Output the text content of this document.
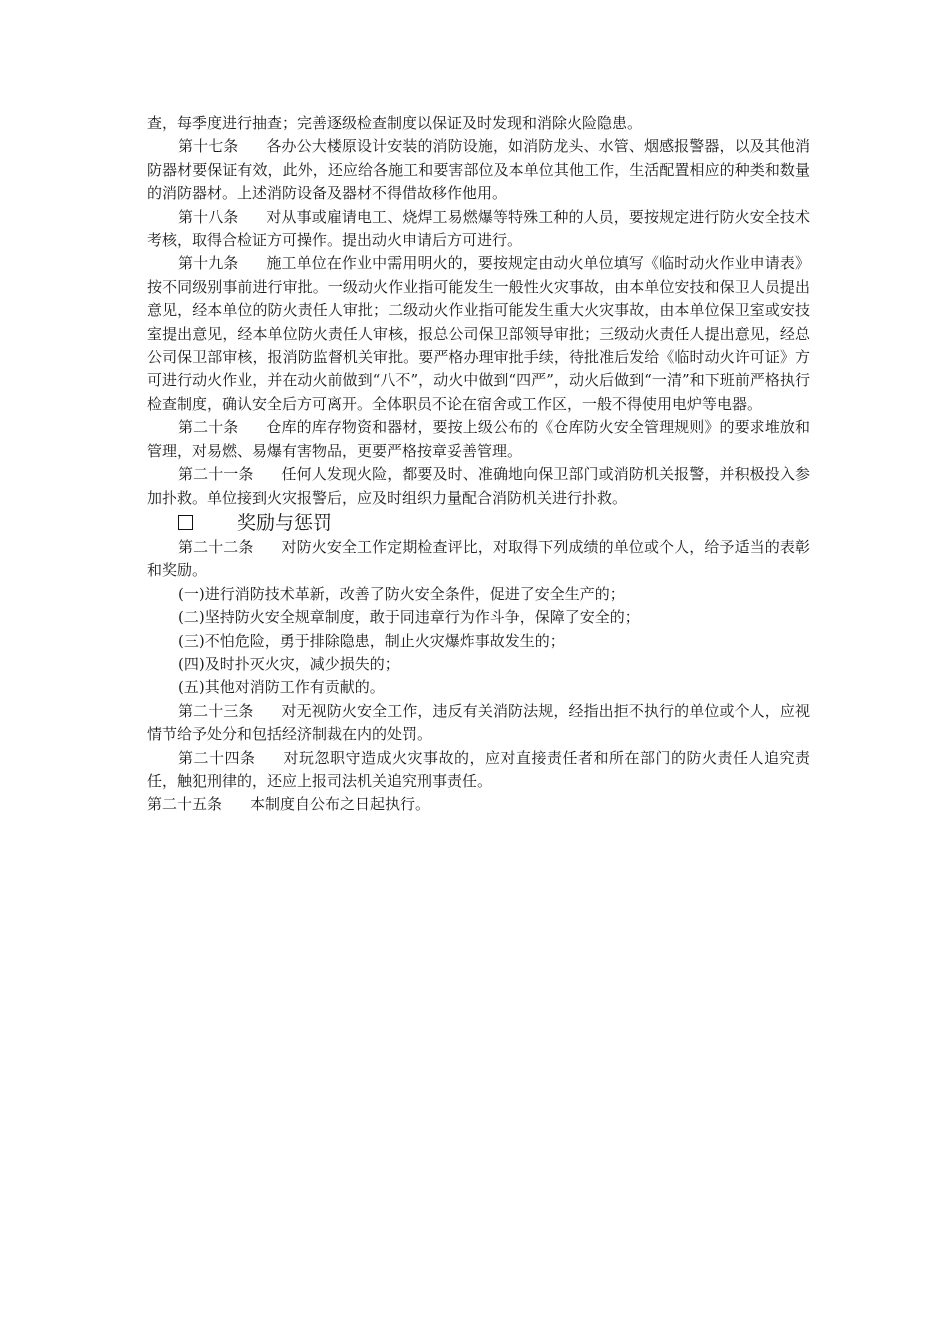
查，每季度进行抽查；完善逐级检查制度以保证及时发现和消除火险隐患。

第十七条 各办公大楼原设计安装的消防设施，如消防龙头、水管、烟感报警器，以及其他消防器材要保证有效，此外，还应给各施工和要害部位及本单位其他工作，生活配置相应的种类和数量的消防器材。上述消防设备及器材不得借故移作他用。

第十八条 对从事或雇请电工、烧焊工易燃爆等特殊工种的人员，要按规定进行防火安全技术考核，取得合检证方可操作。提出动火申请后方可进行。

第十九条 施工单位在作业中需用明火的，要按规定由动火单位填写《临时动火作业申请表》按不同级别事前进行审批。一级动火作业指可能发生一般性火灾事故，由本单位安技和保卫人员提出意见，经本单位的防火责任人审批；二级动火作业指可能发生重大火灾事故，由本单位保卫室或安技室提出意见，经本单位防火责任人审核，报总公司保卫部领导审批；三级动火责任人提出意见，经总公司保卫部审核，报消防监督机关审批。要严格办理审批手续，待批准后发给《临时动火许可证》方可进行动火作业，并在动火前做到“八不”，动火中做到“四严”，动火后做到“一清”和下班前严格执行检查制度，确认安全后方可离开。全体职员不论在宿舍或工作区，一般不得使用电炉等电器。

第二十条 仓库的库存物资和器材，要按上级公布的《仓库防火安全管理规则》的要求堆放和管理，对易燃、易爆有害物品，更要严格按章妥善管理。

第二十一条 任何人发现火险，都要及时、准确地向保卫部门或消防机关报警，并积极投入参加扑救。单位接到火灾报警后，应及时组织力量配合消防机关进行扑救。

奖励与惩罚

第二十二条 对防火安全工作定期检查评比，对取得下列成绩的单位或个人，给予适当的表彰和奖励。

(一)进行消防技术革新，改善了防火安全条件，促进了安全生产的；

(二)坚持防火安全规章制度，敢于同违章行为作斗争，保障了安全的；

(三)不怕危险，勇于排除隐患，制止火灾爆炸事故发生的；

(四)及时扑灭火灾，减少损失的；

(五)其他对消防工作有贡献的。

第二十三条 对无视防火安全工作，违反有关消防法规，经指出拒不执行的单位或个人，应视情节给予处分和包括经济制裁在内的处罚。

第二十四条 对玩忽职守造成火灾事故的，应对直接责任者和所在部门的防火责任人追究责任，触犯刑律的，还应上报司法机关追究刑事责任。

第二十五条 本制度自公布之日起执行。
